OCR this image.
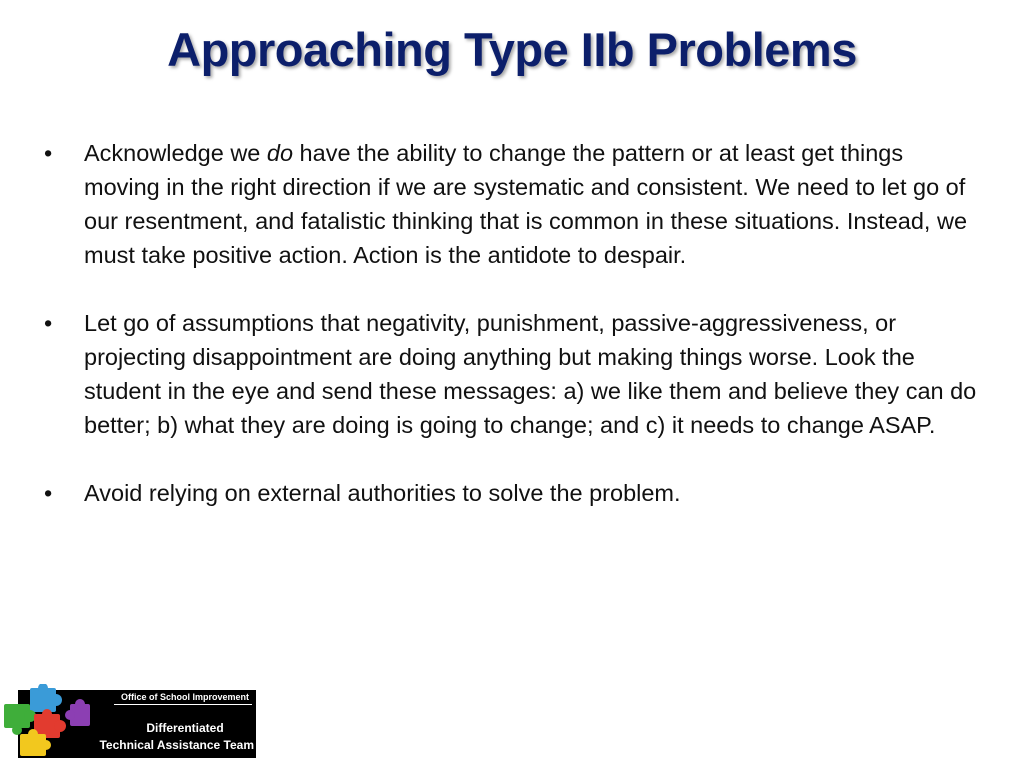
Approaching Type IIb Problems
• Acknowledge we do have the ability to change the pattern or at least get things moving in the right direction if we are systematic and consistent. We need to let go of our resentment, and fatalistic thinking that is common in these situations. Instead, we must take positive action. Action is the antidote to despair.
• Let go of assumptions that negativity, punishment, passive-aggressiveness, or projecting disappointment are doing anything but making things worse. Look the student in the eye and send these messages: a) we like them and believe they can do better; b) what they are doing is going to change; and c) it needs to change ASAP.
• Avoid relying on external authorities to solve the problem.
Office of School Improvement
Differentiated
Technical Assistance Team
